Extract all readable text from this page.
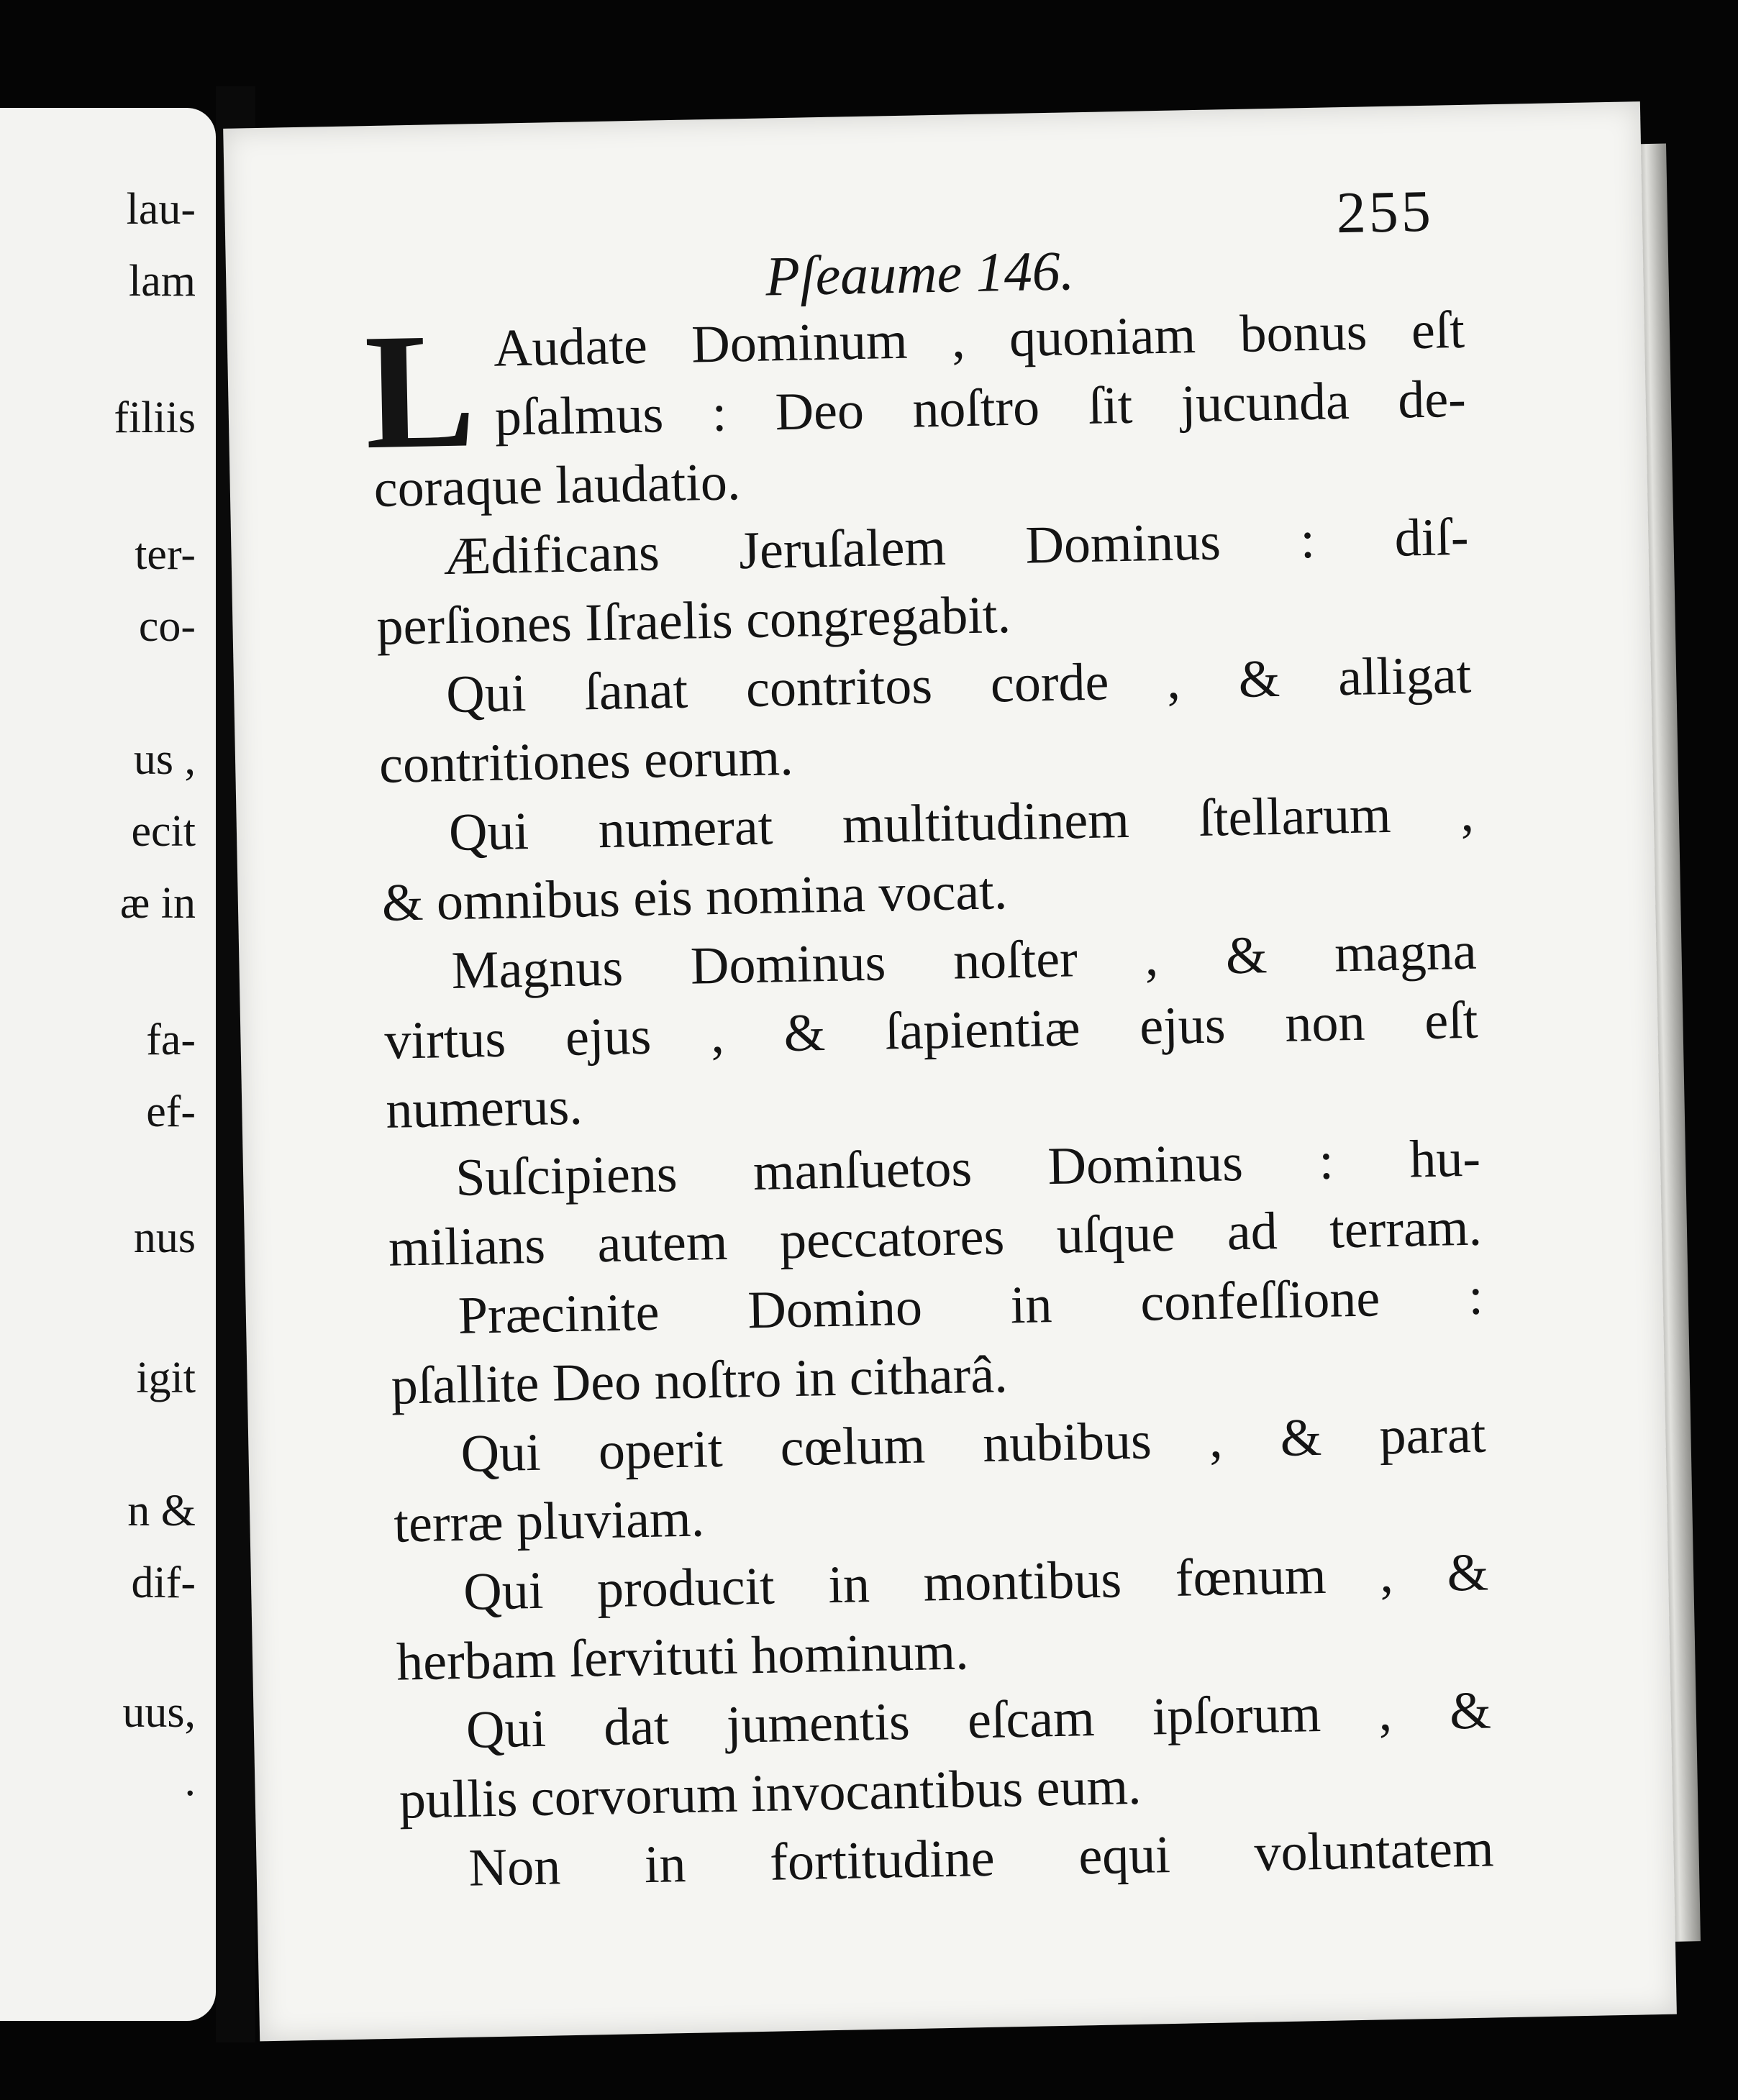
lau-
lam
filiis
ter-
co-
us ,
ecit
æ in
fa-
ef-
nus
igit
n &
dif-
uus,
.
255
Pſeaume 146.
L Audate Dominum , quoniam bonus eſt
pſalmus : Deo noſtro ſit jucunda de-
coraque laudatio.
Ædificans Jeruſalem Dominus : diſ-
perſiones Iſraelis congregabit.
Qui ſanat contritos corde , & alligat
contritiones eorum.
Qui numerat multitudinem ſtellarum ,
& omnibus eis nomina vocat.
Magnus Dominus noſter , & magna
virtus ejus , & ſapientiæ ejus non eſt
numerus.
Suſcipiens manſuetos Dominus : hu-
milians autem peccatores uſque ad terram.
Præcinite Domino in confeſſione :
pſallite Deo noſtro in citharâ.
Qui operit cœlum nubibus , & parat
terræ pluviam.
Qui producit in montibus fœnum , &
herbam ſervituti hominum.
Qui dat jumentis eſcam ipſorum , &
pullis corvorum invocantibus eum.
Non in fortitudine equi voluntatem
